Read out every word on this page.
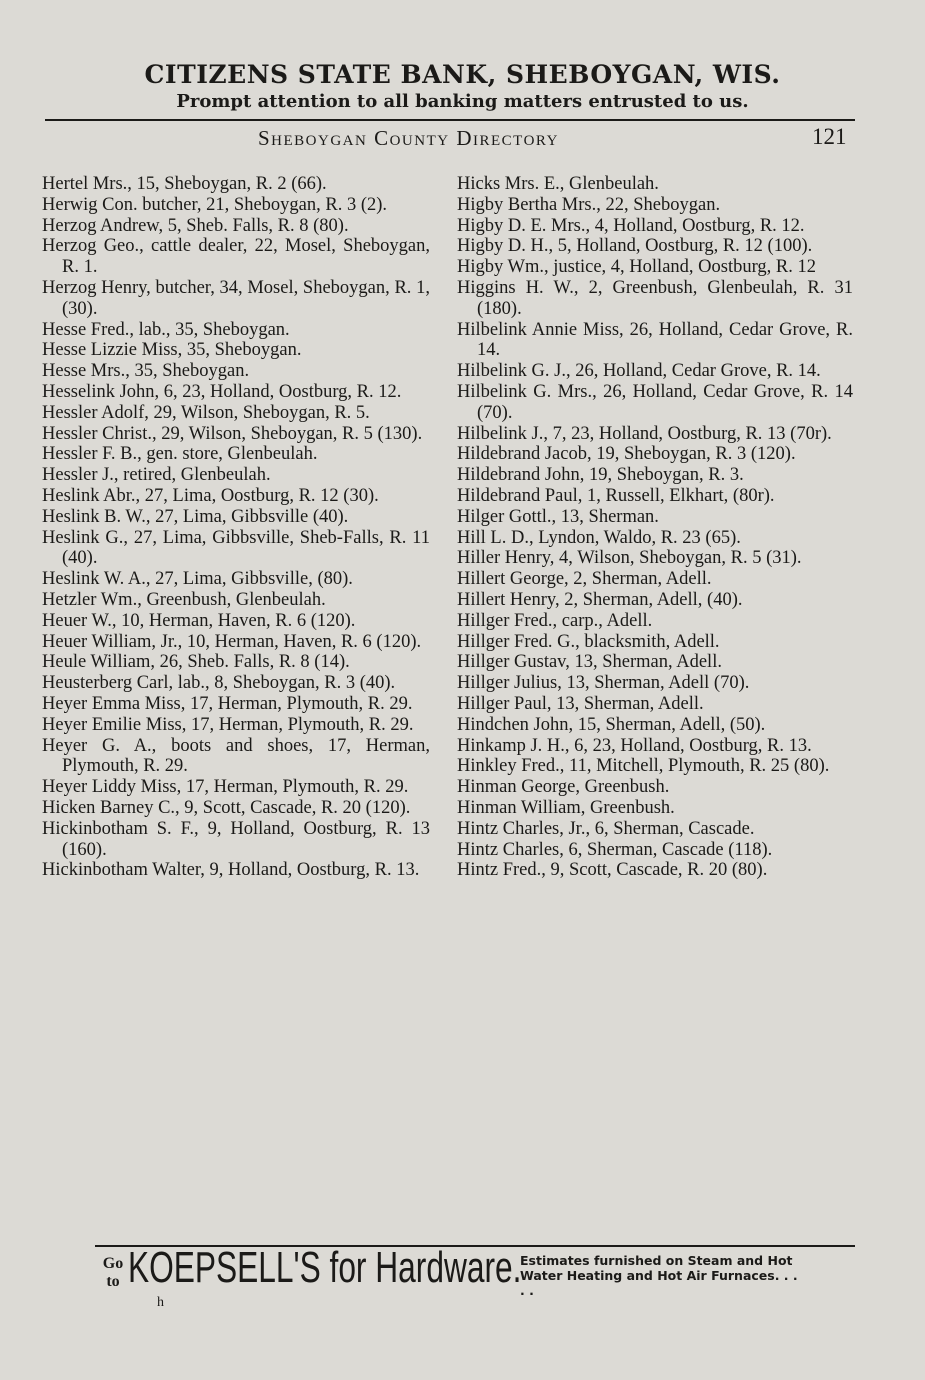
CITIZENS STATE BANK, SHEBOYGAN, WIS.
Prompt attention to all banking matters entrusted to us.
Sheboygan County Directory	121
Hertel Mrs., 15, Sheboygan, R. 2 (66).
Herwig Con. butcher, 21, Sheboygan, R. 3 (2).
Herzog Andrew, 5, Sheb. Falls, R. 8 (80).
Herzog Geo., cattle dealer, 22, Mosel, Sheboygan, R. 1.
Herzog Henry, butcher, 34, Mosel, Sheboygan, R. 1, (30).
Hesse Fred., lab., 35, Sheboygan.
Hesse Lizzie Miss, 35, Sheboygan.
Hesse Mrs., 35, Sheboygan.
Hesselink John, 6, 23, Holland, Oostburg, R. 12.
Hessler Adolf, 29, Wilson, Sheboygan, R. 5.
Hessler Christ., 29, Wilson, Sheboygan, R. 5 (130).
Hessler F. B., gen. store, Glenbeulah.
Hessler J., retired, Glenbeulah.
Heslink Abr., 27, Lima, Oostburg, R. 12 (30).
Heslink B. W., 27, Lima, Gibbsville (40).
Heslink G., 27, Lima, Gibbsville, Sheb-Falls, R. 11 (40).
Heslink W. A., 27, Lima, Gibbsville, (80).
Hetzler Wm., Greenbush, Glenbeulah.
Heuer W., 10, Herman, Haven, R. 6 (120).
Heuer William, Jr., 10, Herman, Haven, R. 6 (120).
Heule William, 26, Sheb. Falls, R. 8 (14).
Heusterberg Carl, lab., 8, Sheboygan, R. 3 (40).
Heyer Emma Miss, 17, Herman, Plymouth, R. 29.
Heyer Emilie Miss, 17, Herman, Plymouth, R. 29.
Heyer G. A., boots and shoes, 17, Herman, Plymouth, R. 29.
Heyer Liddy Miss, 17, Herman, Plymouth, R. 29.
Hicken Barney C., 9, Scott, Cascade, R. 20 (120).
Hickinbotham S. F., 9, Holland, Oostburg, R. 13 (160).
Hickinbotham Walter, 9, Holland, Oostburg, R. 13.
Hicks Mrs. E., Glenbeulah.
Higby Bertha Mrs., 22, Sheboygan.
Higby D. E. Mrs., 4, Holland, Oostburg, R. 12.
Higby D. H., 5, Holland, Oostburg, R. 12 (100).
Higby Wm., justice, 4, Holland, Oostburg, R. 12
Higgins H. W., 2, Greenbush, Glenbeulah, R. 31 (180).
Hilbelink Annie Miss, 26, Holland, Cedar Grove, R. 14.
Hilbelink G. J., 26, Holland, Cedar Grove, R. 14.
Hilbelink G. Mrs., 26, Holland, Cedar Grove, R. 14 (70).
Hilbelink J., 7, 23, Holland, Oostburg, R. 13 (70r).
Hildebrand Jacob, 19, Sheboygan, R. 3 (120).
Hildebrand John, 19, Sheboygan, R. 3.
Hildebrand Paul, 1, Russell, Elkhart, (80r).
Hilger Gottl., 13, Sherman.
Hill L. D., Lyndon, Waldo, R. 23 (65).
Hiller Henry, 4, Wilson, Sheboygan, R. 5 (31).
Hillert George, 2, Sherman, Adell.
Hillert Henry, 2, Sherman, Adell, (40).
Hillger Fred., carp., Adell.
Hillger Fred. G., blacksmith, Adell.
Hillger Gustav, 13, Sherman, Adell.
Hillger Julius, 13, Sherman, Adell (70).
Hillger Paul, 13, Sherman, Adell.
Hindchen John, 15, Sherman, Adell, (50).
Hinkamp J. H., 6, 23, Holland, Oostburg, R. 13.
Hinkley Fred., 11, Mitchell, Plymouth, R. 25 (80).
Hinman George, Greenbush.
Hinman William, Greenbush.
Hintz Charles, Jr., 6, Sherman, Cascade.
Hintz Charles, 6, Sherman, Cascade (118).
Hintz Fred., 9, Scott, Cascade, R. 20 (80).
Go to KOEPSELL'S for Hardware.
Estimates furnished on Steam and Hot Water Heating and Hot Air Furnaces. . . . .
h
